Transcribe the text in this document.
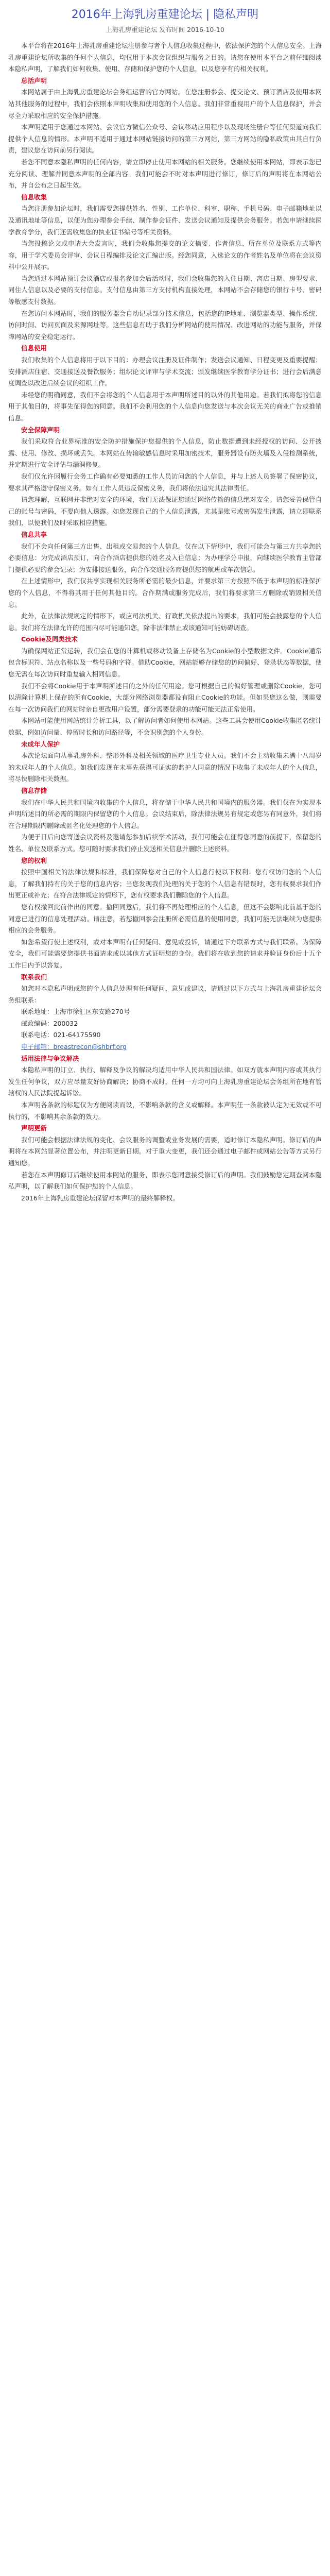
2016年上海乳房重建论坛 | 隐私声明
上海乳房重建论坛 发布时间 2016-10-10

本平台将在2016年上海乳房重建论坛注册参与者个人信息收集过程中，依法保护您的个人信息安全。上海乳房重建论坛所收集的任何个人信息，均仅用于本次会议组织与服务之目的。请您在使用本平台之前仔细阅读本隐私声明，了解我们如何收集、使用、存储和保护您的个人信息，以及您享有的相关权利。

总括声明

本网站属于由上海乳房重建论坛会务组运营的官方网站。在您注册参会、提交论文、预订酒店及使用本网站其他服务的过程中，我们会依照本声明收集和使用您的个人信息。我们非常重视用户的个人信息保护，并会尽全力采取相应的安全保护措施。

本声明适用于您通过本网站、会议官方微信公众号、会议移动应用程序以及现场注册台等任何渠道向我们提供个人信息的情形。本声明不适用于通过本网站链接访问的第三方网站，第三方网站的隐私政策由其自行负责，建议您在访问前另行阅读。

若您不同意本隐私声明的任何内容，请立即停止使用本网站的相关服务。您继续使用本网站，即表示您已充分阅读、理解并同意本声明的全部内容。我们可能会不时对本声明进行修订，修订后的声明将在本网站公布，并自公布之日起生效。

信息收集

当您注册参加论坛时，我们需要您提供姓名、性别、工作单位、科室、职称、手机号码、电子邮箱地址以及通讯地址等信息，以便为您办理参会手续、制作参会证件、发送会议通知及提供会务服务。若您申请继续医学教育学分，我们还需收集您的执业证书编号等相关资料。

当您投稿论文或申请大会发言时，我们会收集您提交的论文摘要、作者信息、所在单位及联系方式等内容，用于学术委员会评审、会议日程编排及论文汇编出版。经您同意，入选论文的作者姓名及单位将在会议资料中公开展示。

当您通过本网站预订会议酒店或报名参加会后活动时，我们会收集您的入住日期、离店日期、房型要求、同住人信息以及必要的支付信息。支付信息由第三方支付机构直接处理，本网站不会存储您的银行卡号、密码等敏感支付数据。

在您访问本网站时，我们的服务器会自动记录部分技术信息，包括您的IP地址、浏览器类型、操作系统、访问时间、访问页面及来源网址等。这些信息有助于我们分析网站的使用情况、改进网站的功能与服务，并保障网站的安全稳定运行。

信息使用

我们收集的个人信息将用于以下目的：办理会议注册及证件制作；发送会议通知、日程变更及重要提醒；安排酒店住宿、交通接送及餐饮服务；组织论文评审与学术交流；颁发继续医学教育学分证书；进行会后满意度调查以改进后续会议的组织工作。

未经您的明确同意，我们不会将您的个人信息用于本声明所述目的以外的其他用途。若我们拟将您的信息用于其他目的，将事先征得您的同意。我们不会利用您的个人信息向您发送与本次会议无关的商业广告或推销信息。

安全保障声明

我们采取符合业界标准的安全防护措施保护您提供的个人信息，防止数据遭到未经授权的访问、公开披露、使用、修改、损坏或丢失。本网站在传输敏感信息时采用加密技术，服务器设有防火墙及入侵检测系统，并定期进行安全评估与漏洞修复。

我们仅允许因履行会务工作确有必要知悉的工作人员访问您的个人信息，并与上述人员签署了保密协议，要求其严格遵守保密义务。如有工作人员违反保密义务，我们将依法追究其法律责任。

请您理解，互联网并非绝对安全的环境，我们无法保证您通过网络传输的信息绝对安全。请您妥善保管自己的账号与密码，不要向他人透露。如您发现自己的个人信息泄露，尤其是账号或密码发生泄露，请立即联系我们，以便我们及时采取相应措施。

信息共享

我们不会向任何第三方出售、出租或交易您的个人信息。仅在以下情形中，我们可能会与第三方共享您的必要信息：为完成酒店预订，向合作酒店提供您的姓名及入住信息；为办理学分申报，向继续医学教育主管部门提供必要的参会记录；为安排接送服务，向合作交通服务商提供您的航班或车次信息。

在上述情形中，我们仅共享实现相关服务所必需的最少信息，并要求第三方按照不低于本声明的标准保护您的个人信息，不得将其用于任何其他目的。合作期满或服务完成后，我们将要求第三方删除或销毁相关信息。

此外，在法律法规规定的情形下，或应司法机关、行政机关依法提出的要求，我们可能会披露您的个人信息。我们将在法律允许的范围内尽可能通知您，除非法律禁止或该通知可能妨碍调查。

Cookie及同类技术

为确保网站正常运转，我们会在您的计算机或移动设备上存储名为Cookie的小型数据文件。Cookie通常包含标识符、站点名称以及一些号码和字符。借助Cookie，网站能够存储您的访问偏好、登录状态等数据，使您无需在每次访问时重复输入相同信息。

我们不会将Cookie用于本声明所述目的之外的任何用途。您可根据自己的偏好管理或删除Cookie，您可以清除计算机上保存的所有Cookie，大部分网络浏览器都设有阻止Cookie的功能。但如果您这么做，则需要在每一次访问我们的网站时亲自更改用户设置，部分需要登录的功能可能无法正常使用。

本网站可能使用网站统计分析工具，以了解访问者如何使用本网站。这些工具会使用Cookie收集匿名统计数据，例如访问量、停留时长和访问路径等，不会识别您的个人身份。

未成年人保护

本次论坛面向从事乳房外科、整形外科及相关领域的医疗卫生专业人员。我们不会主动收集未满十八周岁的未成年人的个人信息。如我们发现在未事先获得可证实的监护人同意的情况下收集了未成年人的个人信息，将尽快删除相关数据。

信息存储

我们在中华人民共和国境内收集的个人信息，将存储于中华人民共和国境内的服务器。我们仅在为实现本声明所述目的所必需的期限内保留您的个人信息。会议结束后，除法律法规另有规定或您另有同意外，我们将在合理期限内删除或匿名化处理您的个人信息。

为便于日后向您寄送会议资料及邀请您参加后续学术活动，我们可能会在征得您同意的前提下，保留您的姓名、单位及联系方式。您可随时要求我们停止发送相关信息并删除上述资料。

您的权利

按照中国相关的法律法规和标准，我们保障您对自己的个人信息行使以下权利：您有权访问您的个人信息，了解我们持有的关于您的信息内容；当您发现我们处理的关于您的个人信息有错误时，您有权要求我们作出更正或补充；在符合法律规定的情形下，您有权要求我们删除您的个人信息。

您有权撤回此前作出的同意。撤回同意后，我们将不再处理相应的个人信息，但这不会影响此前基于您的同意已进行的信息处理活动。请注意，若您撤回参会注册所必需信息的使用同意，我们可能无法继续为您提供相应的会务服务。

如您希望行使上述权利，或对本声明有任何疑问、意见或投诉，请通过下方联系方式与我们联系。为保障安全，我们可能需要您提供书面请求或以其他方式证明您的身份。我们将在收到您的请求并验证身份后十五个工作日内予以答复。

联系我们

如您对本隐私声明或您的个人信息处理有任何疑问、意见或建议，请通过以下方式与上海乳房重建论坛会务组联系：

联系地址：上海市徐汇区东安路270号

邮政编码：200032

联系电话：021-64175590

电子邮箱：breastrecon@shbrf.org

适用法律与争议解决

本隐私声明的订立、执行、解释及争议的解决均适用中华人民共和国法律。如双方就本声明内容或其执行发生任何争议，双方应尽量友好协商解决；协商不成时，任何一方均可向上海乳房重建论坛会务组所在地有管辖权的人民法院提起诉讼。

本声明各条款的标题仅为方便阅读而设，不影响条款的含义或解释。本声明任一条款被认定为无效或不可执行的，不影响其余条款的效力。

声明更新

我们可能会根据法律法规的变化、会议服务的调整或业务发展的需要，适时修订本隐私声明。修订后的声明将在本网站显著位置公布，并注明更新日期。对于重大变更，我们还会通过电子邮件或网站公告等方式另行通知您。

若您在本声明修订后继续使用本网站的服务，即表示您同意接受修订后的声明。我们鼓励您定期查阅本隐私声明，以了解我们如何保护您的个人信息。

2016年上海乳房重建论坛保留对本声明的最终解释权。
